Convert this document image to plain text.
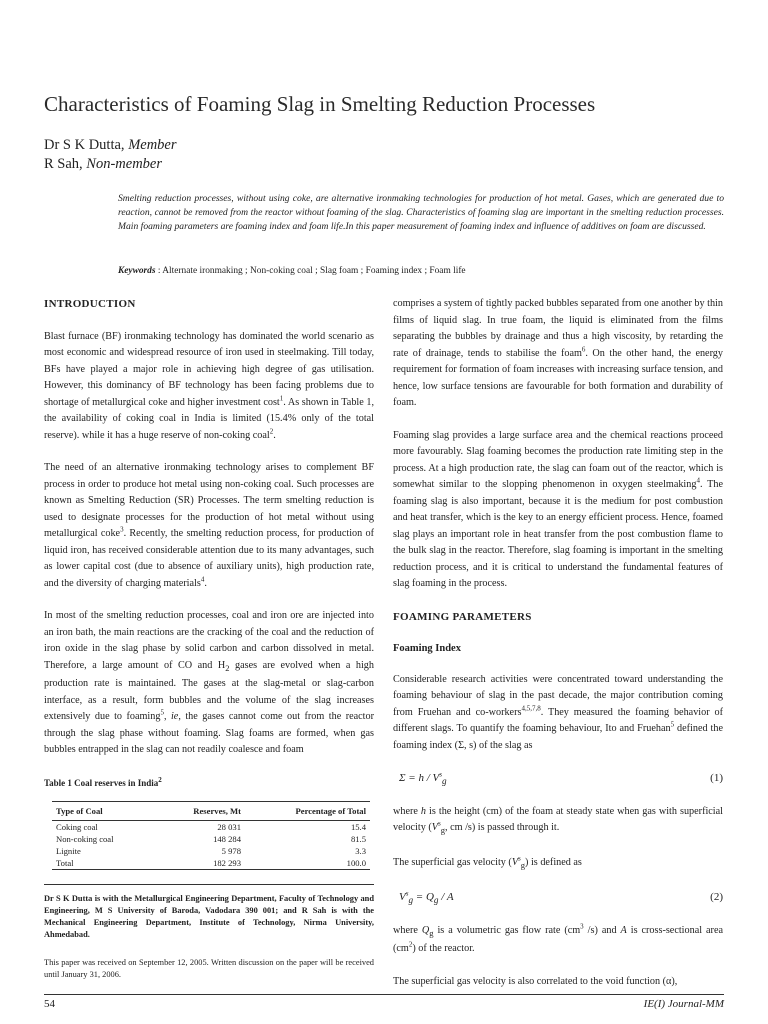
Characteristics of Foaming Slag in Smelting Reduction Processes
Dr S K Dutta, Member
R Sah, Non-member

Smelting reduction processes, without using coke, are alternative ironmaking technologies for production of hot metal. Gases, which are generated due to reaction, cannot be removed from the reactor without foaming of the slag. Characteristics of foaming slag are important in the smelting reduction processes. Main foaming parameters are foaming index and foam life.In this paper measurement of foaming index and influence of additives on foam are discussed.

Keywords : Alternate ironmaking ; Non-coking coal ; Slag foam ; Foaming index ; Foam life
INTRODUCTION

Blast furnace (BF) ironmaking technology has dominated the world scenario as most economic and widespread resource of iron used in steelmaking. Till today, BFs have played a major role in achieving high degree of gas utilisation. However, this dominancy of BF technology has been facing problems due to shortage of metallurgical coke and higher investment cost$^1$. As shown in Table 1, the availability of coking coal in India is limited (15.4% only of the total reserve). while it has a huge reserve of non-coking coal$^2$.

The need of an alternative ironmaking technology arises to complement BF process in order to produce hot metal using non-coking coal. Such processes are known as Smelting Reduction (SR) Processes. The term smelting reduction is used to designate processes for the production of hot metal without using metallurgical coke$^3$. Recently, the smelting reduction process, for production of liquid iron, has received considerable attention due to its many advantages, such as lower capital cost (due to absence of auxiliary units), high production rate, and the diversity of charging materials$^4$.

In most of the smelting reduction processes, coal and iron ore are injected into an iron bath, the main reactions are the cracking of the coal and the reduction of iron oxide in the slag phase by solid carbon and carbon dissolved in metal. Therefore, a large amount of CO and $H_2$ gases are evolved when a high production rate is maintained. The gases at the slag-metal or slag-carbon interface, as a result, form bubbles and the volume of the slag increases extensively due to foaming$^5$, ie, the gases cannot come out from the reactor through the slag phase without foaming. Slag foams are formed, when gas bubbles entrapped in the slag can not readily coalesce and foam

Table 1 Coal reserves in India$^2$
Type of Coal	Reserves, Mt	Percentage of Total
Coking coal	28 031	15.4
Non-coking coal	148 284	81.5
Lignite	5 978	3.3
Total	182 293	100.0

Dr S K Dutta is with the Metallurgical Engineering Department, Faculty of Technology and Engineering, M S University of Baroda, Vadodara 390 001; and R Sah is with the Mechanical Engineering Department, Institute of Technology, Nirma University, Ahmedabad.

This paper was received on September 12, 2005. Written discussion on the paper will be received until January 31, 2006.

comprises a system of tightly packed bubbles separated from one another by thin films of liquid slag. In true foam, the liquid is eliminated from the films separating the bubbles by drainage and thus a high viscosity, by retarding the rate of drainage, tends to stabilise the foam$^6$. On the other hand, the energy requirement for formation of foam increases with increasing surface tension, and hence, low surface tensions are favourable for both formation and durability of foam.

Foaming slag provides a large surface area and the chemical reactions proceed more favourably. Slag foaming becomes the production rate limiting step in the process. At a high production rate, the slag can foam out of the reactor, which is somewhat similar to the slopping phenomenon in oxygen steelmaking$^4$. The foaming slag is also important, because it is the medium for post combustion and heat transfer, which is the key to an energy efficient process. Hence, foamed slag plays an important role in heat transfer from the post combustion flame to the bulk slag in the reactor. Therefore, slag foaming is important in the smelting reduction process, and it is critical to understand the fundamental features of slag foaming in the process.

FOAMING PARAMETERS
Foaming Index

Considerable research activities were concentrated toward understanding the foaming behaviour of slag in the past decade, the major contribution coming from Fruehan and co-workers$^{4,5,7,8}$. They measured the foaming behavior of different slags. To quantify the foaming behaviour, Ito and Fruehan$^5$ defined the foaming index (Σ, s) of the slag as

$\Sigma = h / V^s_g$	(1)

where h is the height (cm) of the foam at steady state when gas with superficial velocity ($V^s_g$, cm /s) is passed through it.

The superficial gas velocity $(V^s_g)$ is defined as

$V^s_g = Q_g / A$	(2)

where $Q_g$ is a volumetric gas flow rate ($cm^3$ /s) and A is cross-sectional area $(cm^2)$ of the reactor.

The superficial gas velocity is also correlated to the void function (α),

54	IE(I) Journal-MM
